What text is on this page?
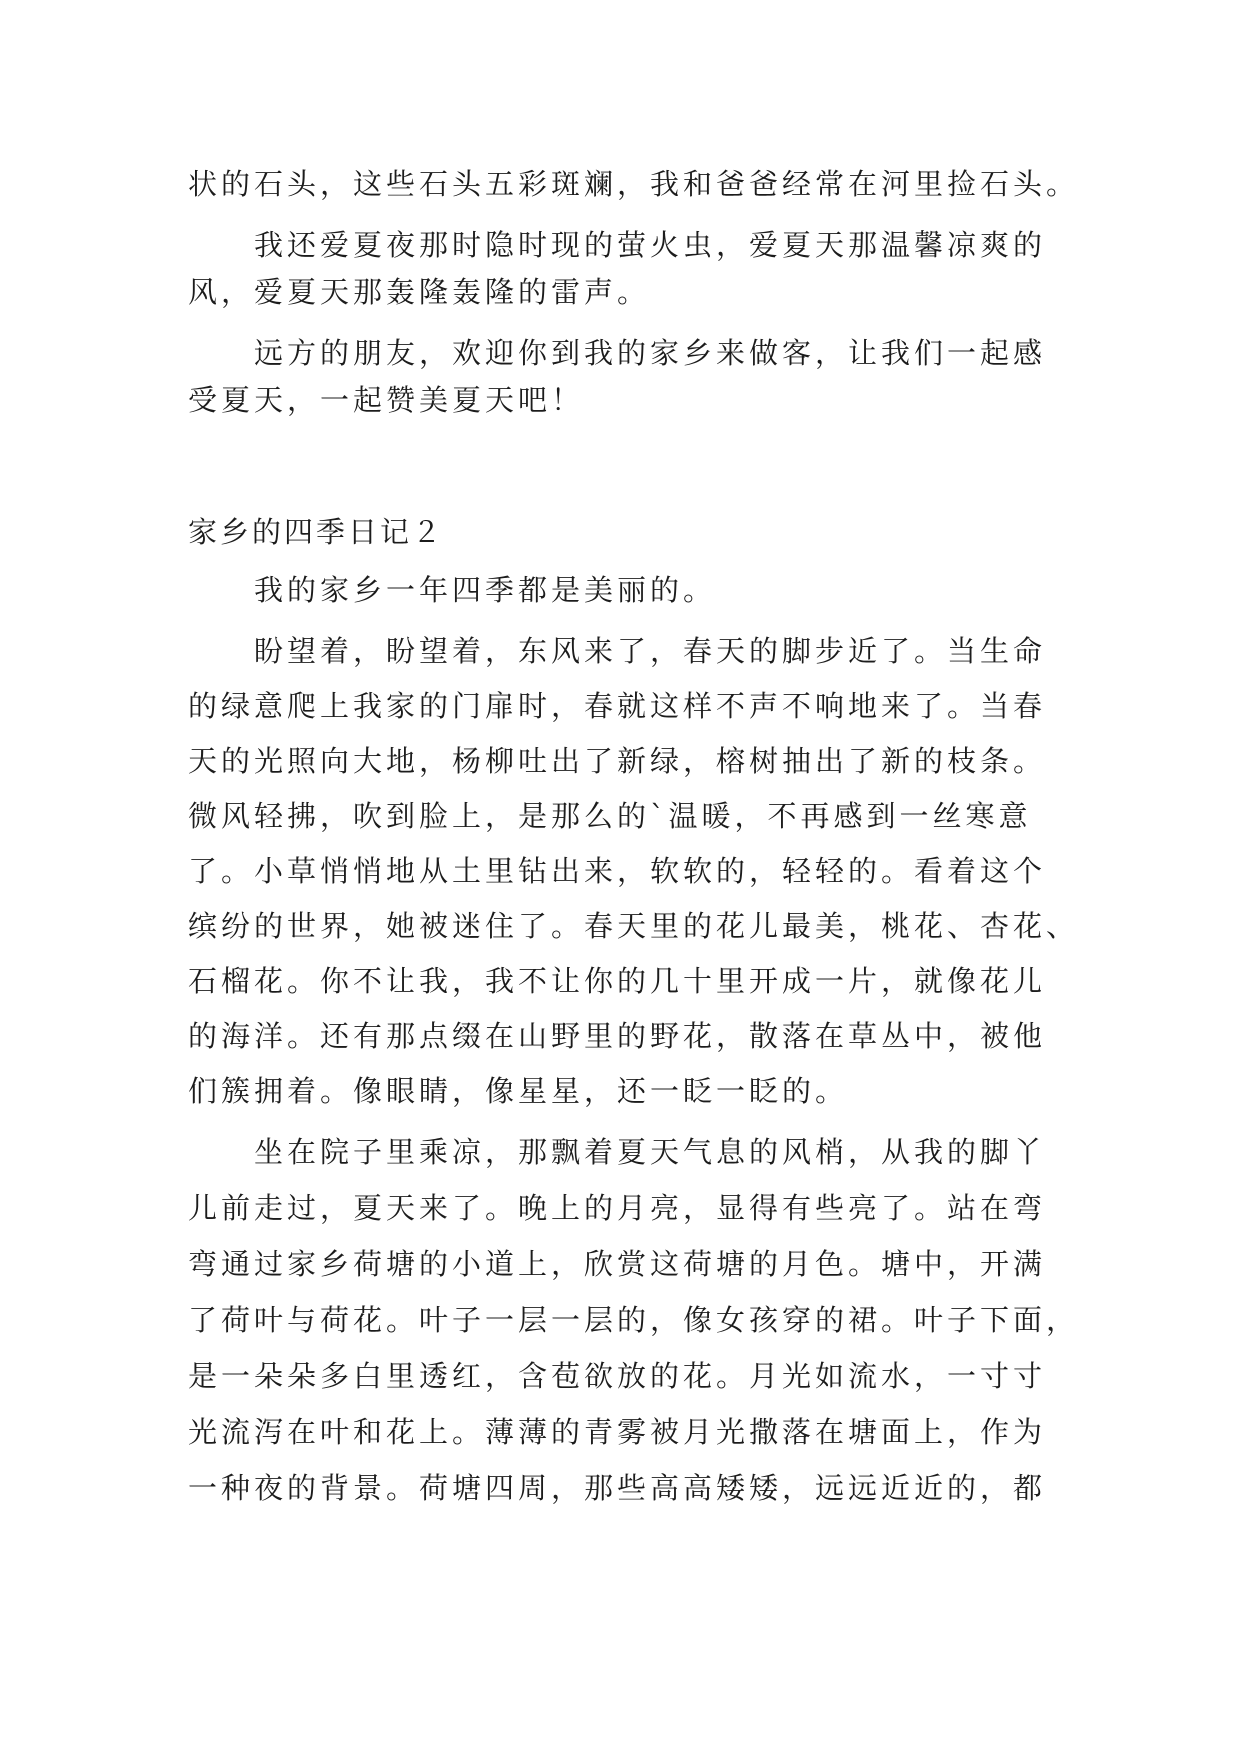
状的石头，这些石头五彩斑斓，我和爸爸经常在河里捡石头。
我还爱夏夜那时隐时现的萤火虫，爱夏天那温馨凉爽的
风，爱夏天那轰隆轰隆的雷声。
远方的朋友，欢迎你到我的家乡来做客，让我们一起感
受夏天，一起赞美夏天吧！
家乡的四季日记２
我的家乡一年四季都是美丽的。
盼望着，盼望着，东风来了，春天的脚步近了。当生命
的绿意爬上我家的门扉时，春就这样不声不响地来了。当春
天的光照向大地，杨柳吐出了新绿，榕树抽出了新的枝条。
微风轻拂，吹到脸上，是那么的`温暖，不再感到一丝寒意
了。小草悄悄地从土里钻出来，软软的，轻轻的。看着这个
缤纷的世界，她被迷住了。春天里的花儿最美，桃花、杏花、
石榴花。你不让我，我不让你的几十里开成一片，就像花儿
的海洋。还有那点缀在山野里的野花，散落在草丛中，被他
们簇拥着。像眼睛，像星星，还一眨一眨的。
坐在院子里乘凉，那飘着夏天气息的风梢，从我的脚丫
儿前走过，夏天来了。晚上的月亮，显得有些亮了。站在弯
弯通过家乡荷塘的小道上，欣赏这荷塘的月色。塘中，开满
了荷叶与荷花。叶子一层一层的，像女孩穿的裙。叶子下面，
是一朵朵多白里透红，含苞欲放的花。月光如流水，一寸寸
光流泻在叶和花上。薄薄的青雾被月光撒落在塘面上，作为
一种夜的背景。荷塘四周，那些高高矮矮，远远近近的，都
